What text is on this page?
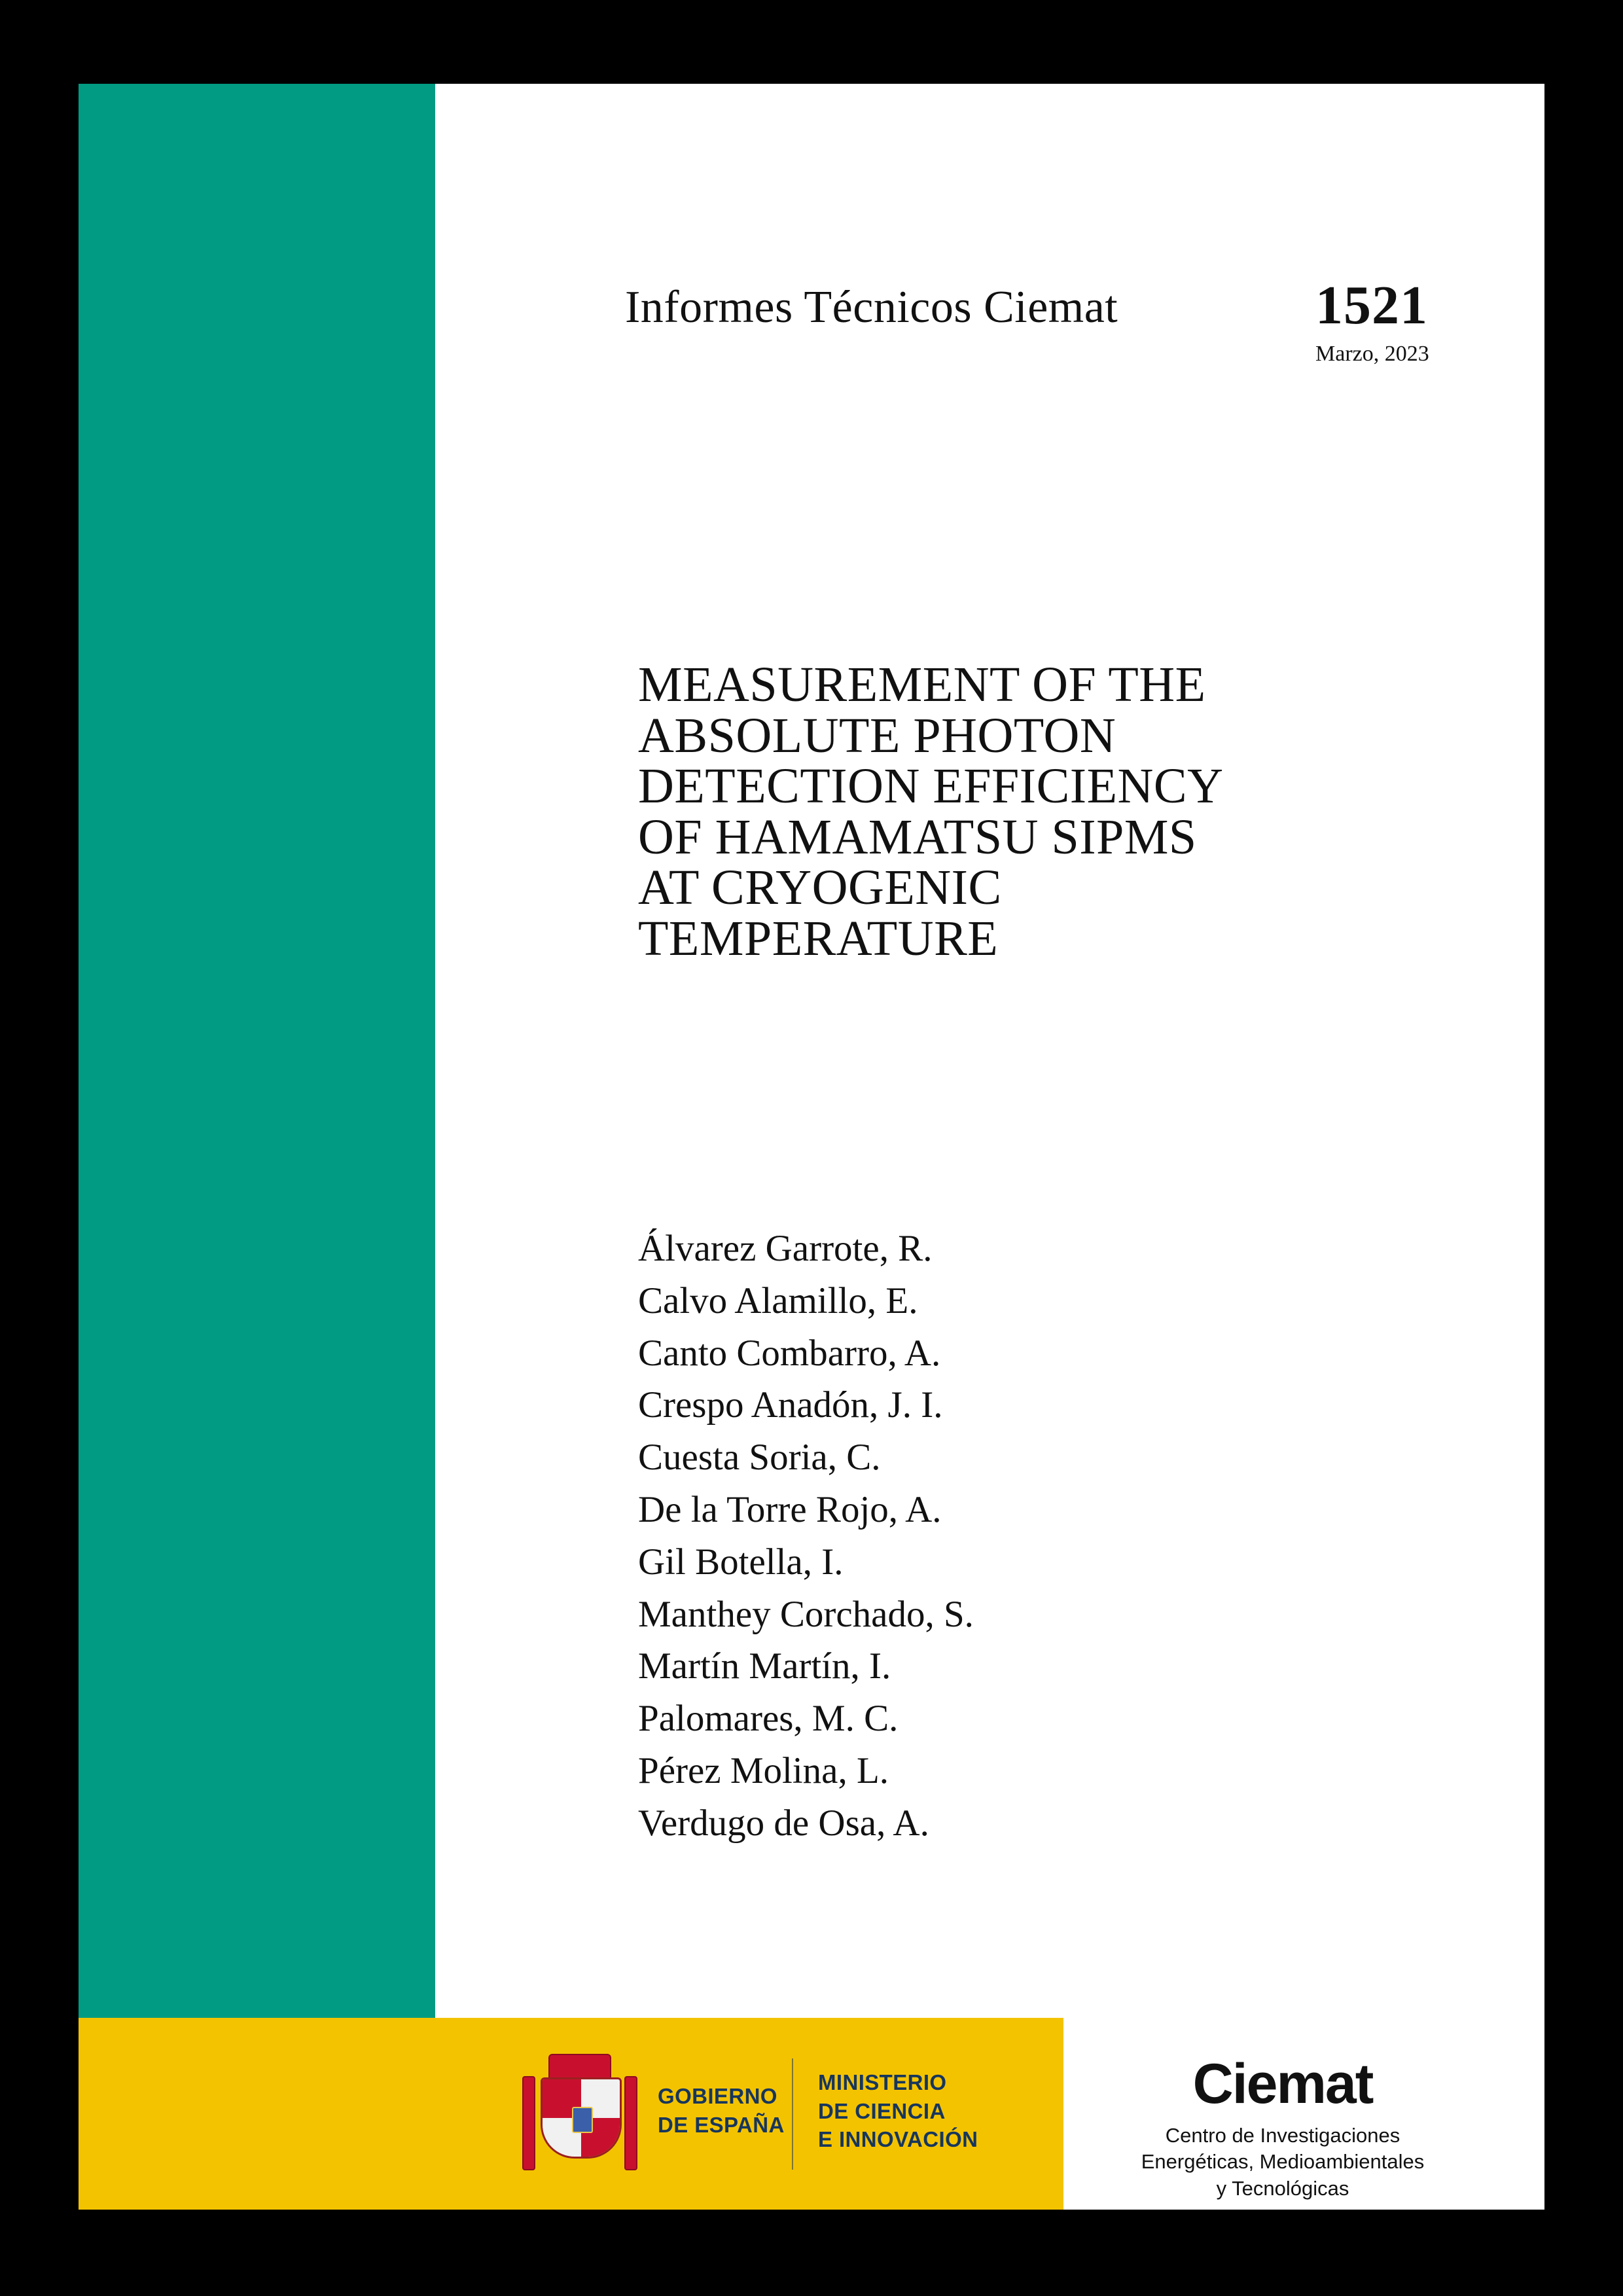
Informes Técnicos Ciemat	1521
Marzo, 2023
MEASUREMENT OF THE
ABSOLUTE PHOTON
DETECTION EFFICIENCY
OF HAMAMATSU SIPMS
AT CRYOGENIC
TEMPERATURE
Álvarez Garrote, R.
Calvo Alamillo, E.
Canto Combarro, A.
Crespo Anadón, J. I.
Cuesta Soria, C.
De la Torre Rojo, A.
Gil Botella, I.
Manthey Corchado, S.
Martín Martín, I.
Palomares, M. C.
Pérez Molina, L.
Verdugo de Osa, A.
GOBIERNO
DE ESPAÑA
MINISTERIO
DE CIENCIA
E INNOVACIÓN
Ciemat
Centro de Investigaciones
Energéticas, Medioambientales
y Tecnológicas
